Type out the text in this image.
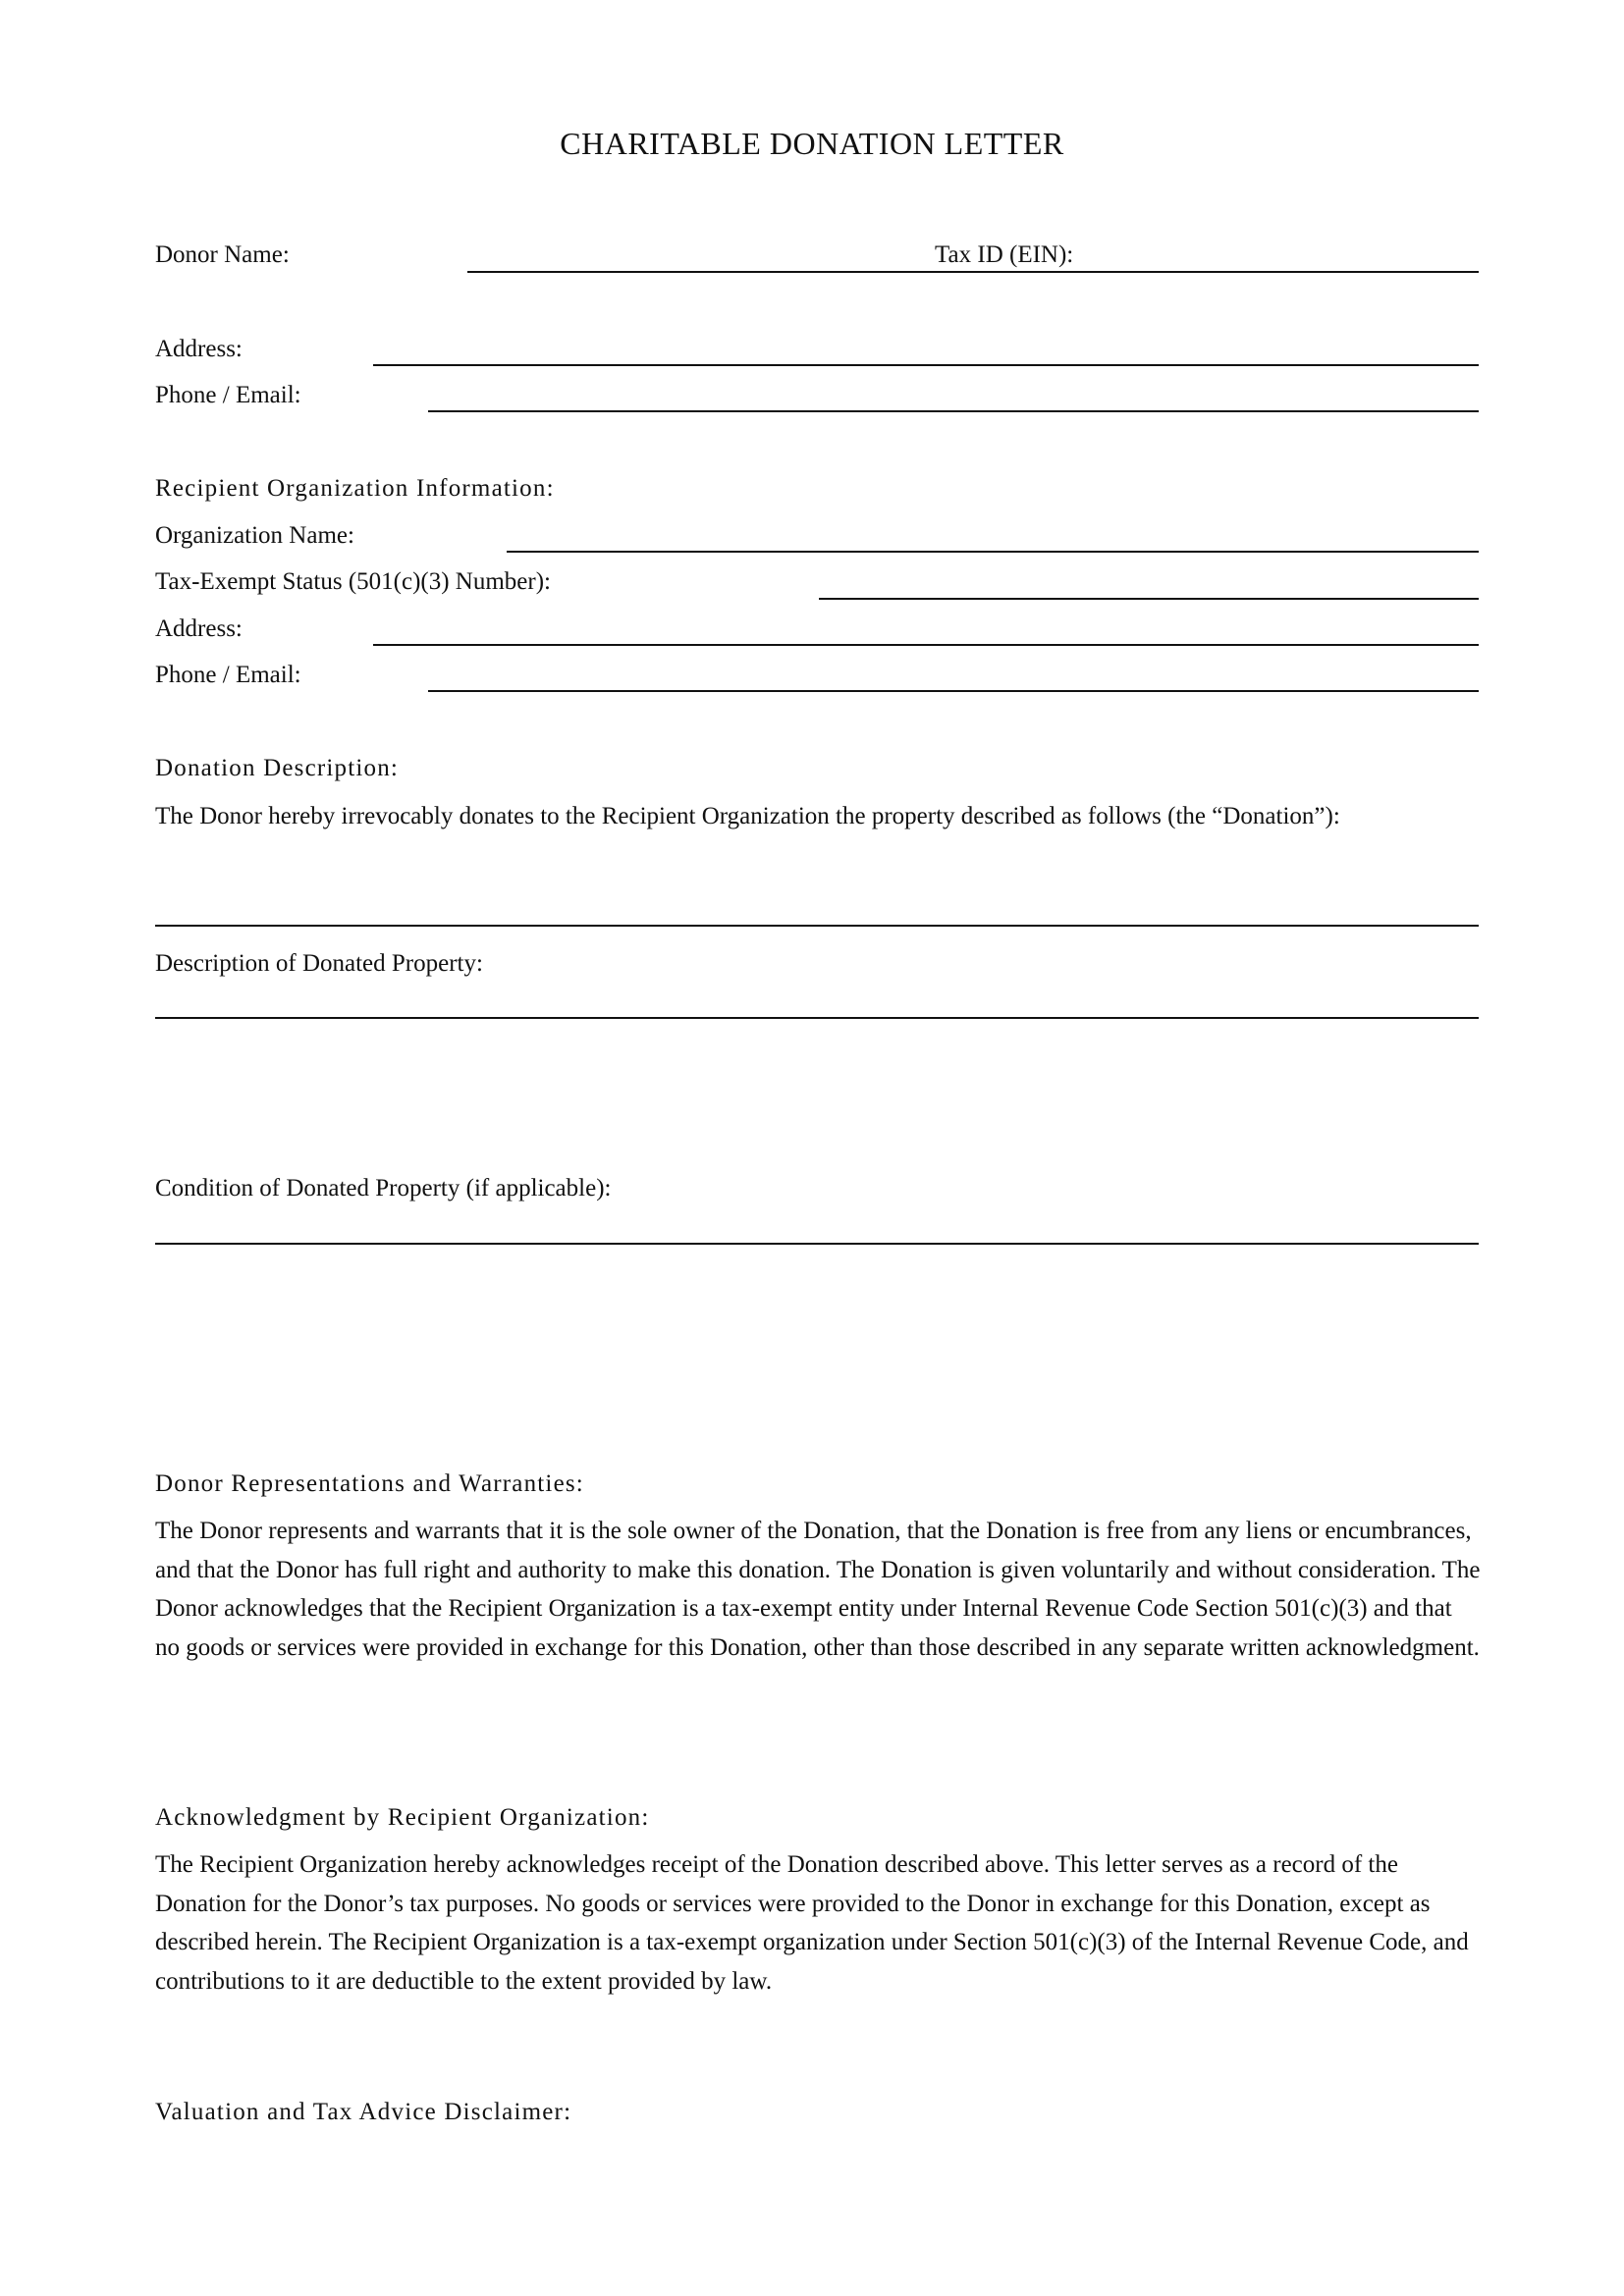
CHARITABLE DONATION LETTER
Donor Name:	Tax ID (EIN):
Address:
Phone / Email:
Recipient Organization Information:
Organization Name:
Tax-Exempt Status (501(c)(3) Number):
Address:
Phone / Email:
Donation Description:
The Donor hereby irrevocably donates to the Recipient Organization the property described as follows (the “Donation”):
Description of Donated Property:
Condition of Donated Property (if applicable):
Donor Representations and Warranties:
The Donor represents and warrants that it is the sole owner of the Donation, that the Donation is free from any liens or encumbrances, and that the Donor has full right and authority to make this donation. The Donation is given voluntarily and without consideration. The Donor acknowledges that the Recipient Organization is a tax-exempt entity under Internal Revenue Code Section 501(c)(3) and that no goods or services were provided in exchange for this Donation, other than those described in any separate written acknowledgment.
Acknowledgment by Recipient Organization:
The Recipient Organization hereby acknowledges receipt of the Donation described above. This letter serves as a record of the Donation for the Donor’s tax purposes. No goods or services were provided to the Donor in exchange for this Donation, except as described herein. The Recipient Organization is a tax-exempt organization under Section 501(c)(3) of the Internal Revenue Code, and contributions to it are deductible to the extent provided by law.
Valuation and Tax Advice Disclaimer:
